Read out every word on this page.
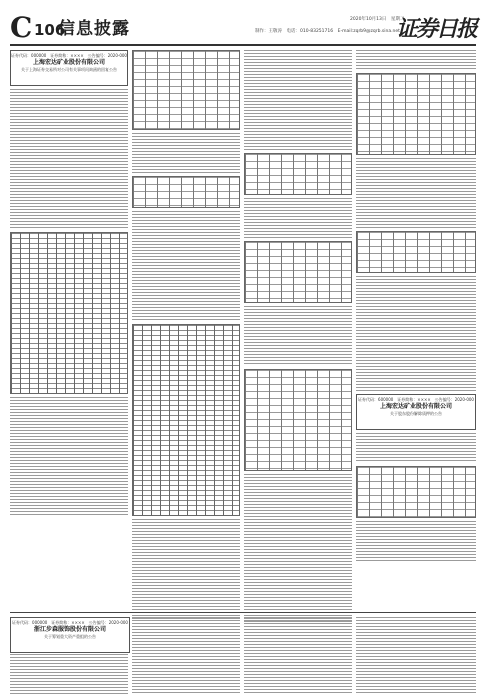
C 106
信息披露	2020年10月13日　星期二
制作：王敬涛　电话：010-83251716　E-mail:zqrb9@zqrb.sina.net
证券日报
证券代码：000000　证券简称：××××　公告编号：2020-000
上海宏达矿业股份有限公司
关于上海证券交易所对公司有关事项问询函的回复公告
证券代码：600000　证券简称：××××　公告编号：2020-000
上海宏达矿业股份有限公司
关于股东股份解除质押的公告
证券代码：000000　证券简称：××××　公告编号：2020-000
浙江步森服饰股份有限公司
关于筹划重大资产重组的公告
